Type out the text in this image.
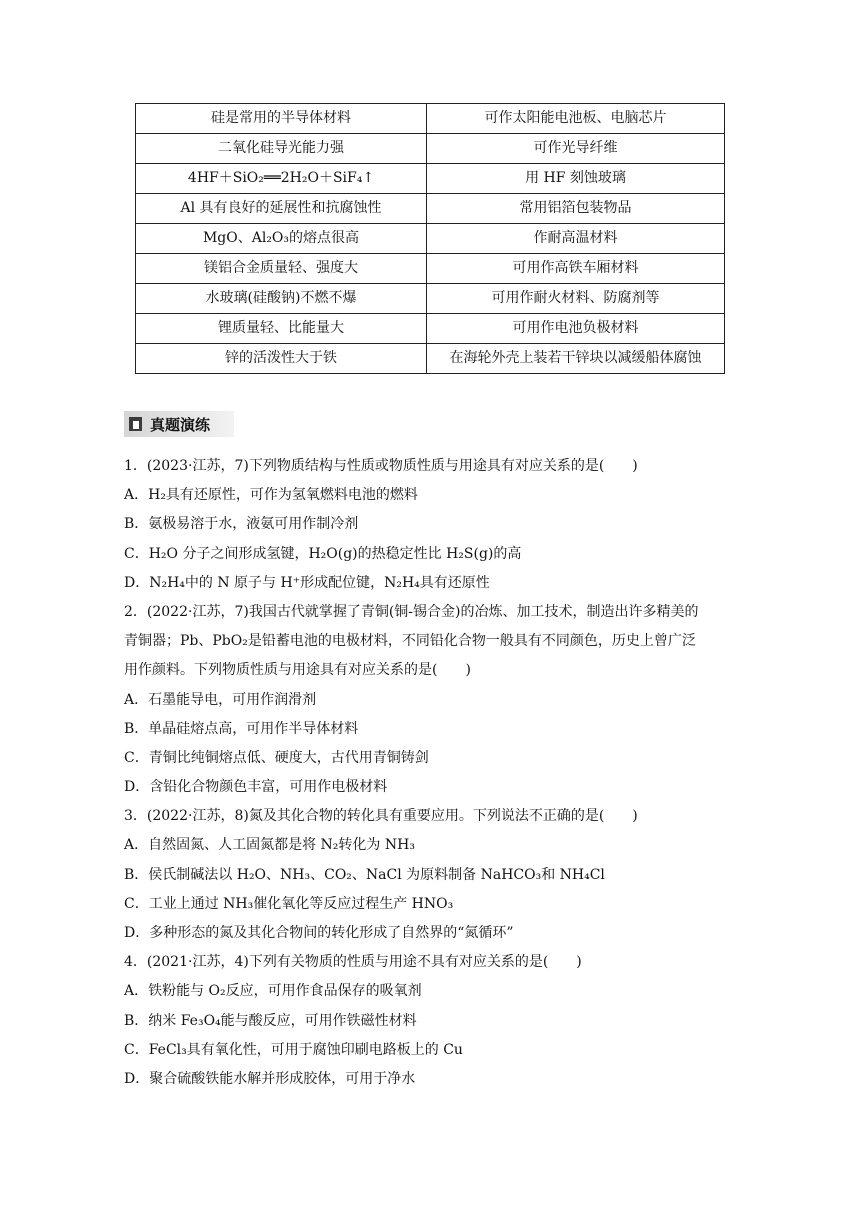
硅是常用的半导体材料	可作太阳能电池板、电脑芯片
二氧化硅导光能力强	可作光导纤维
4HF＋SiO₂══2H₂O＋SiF₄↑	用 HF 刻蚀玻璃
Al 具有良好的延展性和抗腐蚀性	常用铝箔包装物品
MgO、Al₂O₃的熔点很高	作耐高温材料
镁铝合金质量轻、强度大	可用作高铁车厢材料
水玻璃(硅酸钠)不燃不爆	可用作耐火材料、防腐剂等
锂质量轻、比能量大	可用作电池负极材料
锌的活泼性大于铁	在海轮外壳上装若干锌块以减缓船体腐蚀
真题演练
1．(2023·江苏，7)下列物质结构与性质或物质性质与用途具有对应关系的是(　　)
A．H₂具有还原性，可作为氢氧燃料电池的燃料
B．氨极易溶于水，液氨可用作制冷剂
C．H₂O 分子之间形成氢键，H₂O(g)的热稳定性比 H₂S(g)的高
D．N₂H₄中的 N 原子与 H⁺形成配位键，N₂H₄具有还原性
2．(2022·江苏，7)我国古代就掌握了青铜(铜-锡合金)的冶炼、加工技术，制造出许多精美的
青铜器；Pb、PbO₂是铅蓄电池的电极材料，不同铅化合物一般具有不同颜色，历史上曾广泛
用作颜料。下列物质性质与用途具有对应关系的是(　　)
A．石墨能导电，可用作润滑剂
B．单晶硅熔点高，可用作半导体材料
C．青铜比纯铜熔点低、硬度大，古代用青铜铸剑
D．含铅化合物颜色丰富，可用作电极材料
3．(2022·江苏，8)氮及其化合物的转化具有重要应用。下列说法不正确的是(　　)
A．自然固氮、人工固氮都是将 N₂转化为 NH₃
B．侯氏制碱法以 H₂O、NH₃、CO₂、NaCl 为原料制备 NaHCO₃和 NH₄Cl
C．工业上通过 NH₃催化氧化等反应过程生产 HNO₃
D．多种形态的氮及其化合物间的转化形成了自然界的“氮循环”
4．(2021·江苏，4)下列有关物质的性质与用途不具有对应关系的是(　　)
A．铁粉能与 O₂反应，可用作食品保存的吸氧剂
B．纳米 Fe₃O₄能与酸反应，可用作铁磁性材料
C．FeCl₃具有氧化性，可用于腐蚀印刷电路板上的 Cu
D．聚合硫酸铁能水解并形成胶体，可用于净水
